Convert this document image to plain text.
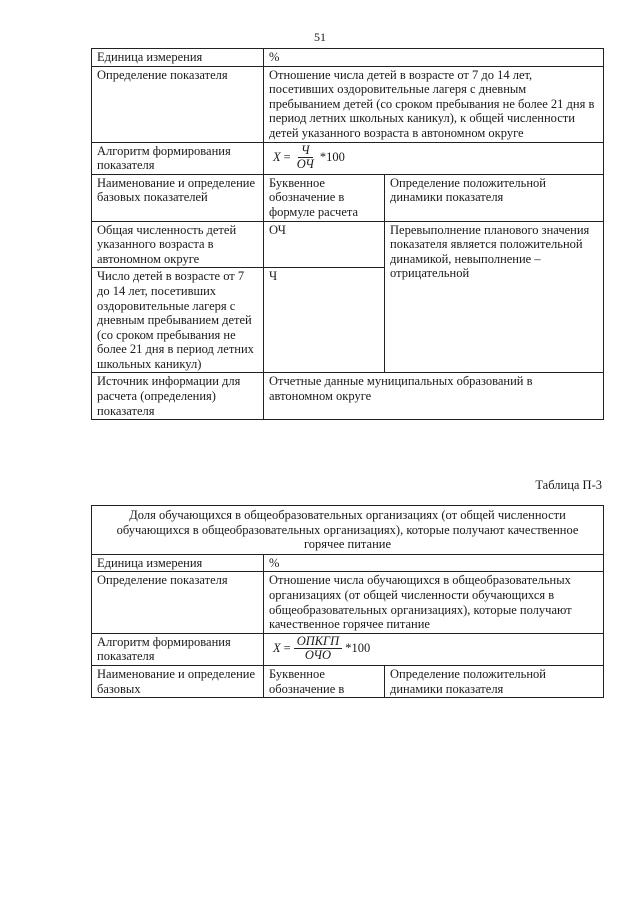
51
Единица измерения	%	
Определение показателя	Отношение числа детей в возрасте от 7 до 14 лет, посетивших оздоровительные лагеря с дневным пребыванием детей (со сроком пребывания не более 21 дня в период летних школьных каникул), к общей численности детей указанного возраста в автономном округе	
Алгоритм формирования показателя	$X = \frac{Ч}{ОЧ} *100$	

Наименование и определение базовых показателей	Буквенное обозначение в формуле расчета	Определение положительной динамики показателя
Общая численность детей указанного возраста в автономном округе	ОЧ	Перевыполнение планового значения показателя является положительной динамикой, невыполнение – отрицательной
Число детей в возрасте от 7 до 14 лет, посетивших оздоровительные лагеря с дневным пребыванием детей (со сроком пребывания не более 21 дня в период летних школьных каникул)	Ч	
Источник информации для расчета (определения) показателя	Отчетные данные муниципальных образований в автономном округе	
Таблица П-3
Доля обучающихся в общеобразовательных организациях (от общей численности обучающихся в общеобразовательных организациях), которые получают качественное горячее питание		
Единица измерения	%	
Определение показателя	Отношение числа обучающихся в общеобразовательных организациях (от общей численности обучающихся в общеобразовательных организациях), которые получают качественное горячее питание	
Алгоритм формирования показателя	$X = \frac{\text{ОПКГП}}{\text{ОЧО}} *100$	

Наименование и определение базовых	Буквенное обозначение в	Определение положительной динамики показателя
